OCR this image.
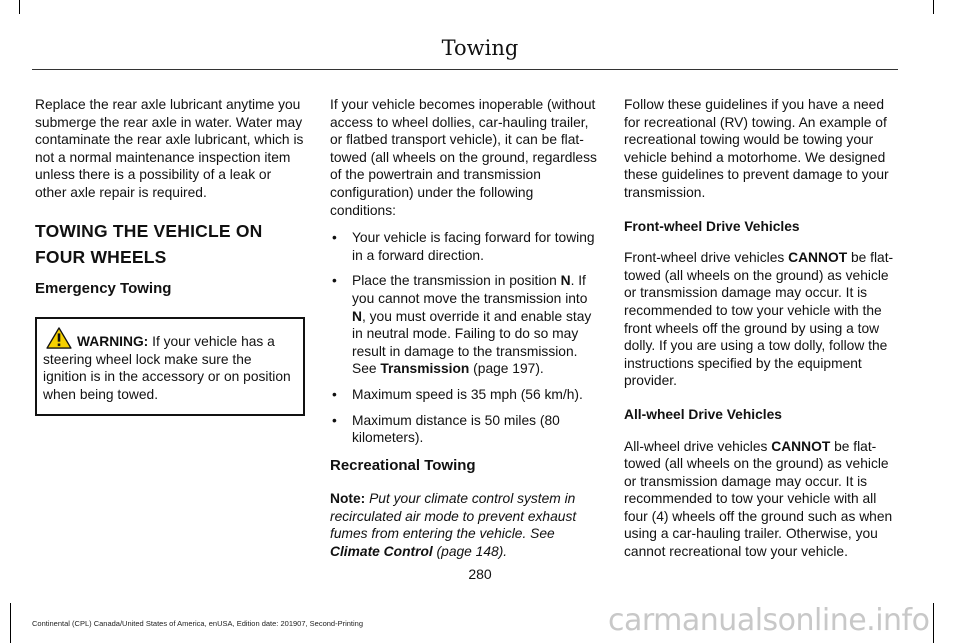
Towing

Replace the rear axle lubricant anytime you submerge the rear axle in water. Water may contaminate the rear axle lubricant, which is not a normal maintenance inspection item unless there is a possibility of a leak or other axle repair is required.

TOWING THE VEHICLE ON FOUR WHEELS
Emergency Towing
WARNING: If your vehicle has a steering wheel lock make sure the ignition is in the accessory or on position when being towed.

If your vehicle becomes inoperable (without access to wheel dollies, car-hauling trailer, or flatbed transport vehicle), it can be flat-towed (all wheels on the ground, regardless of the powertrain and transmission configuration) under the following conditions:

• Your vehicle is facing forward for towing in a forward direction.
• Place the transmission in position N. If you cannot move the transmission into N, you must override it and enable stay in neutral mode. Failing to do so may result in damage to the transmission. See Transmission (page 197).
• Maximum speed is 35 mph (56 km/h).
• Maximum distance is 50 miles (80 kilometers).
Recreational Towing

Note: Put your climate control system in recirculated air mode to prevent exhaust fumes from entering the vehicle. See Climate Control (page 148).

Follow these guidelines if you have a need for recreational (RV) towing. An example of recreational towing would be towing your vehicle behind a motorhome. We designed these guidelines to prevent damage to your transmission.

Front-wheel Drive Vehicles

Front-wheel drive vehicles CANNOT be flat-towed (all wheels on the ground) as vehicle or transmission damage may occur. It is recommended to tow your vehicle with the front wheels off the ground by using a tow dolly. If you are using a tow dolly, follow the instructions specified by the equipment provider.

All-wheel Drive Vehicles

All-wheel drive vehicles CANNOT be flat-towed (all wheels on the ground) as vehicle or transmission damage may occur. It is recommended to tow your vehicle with all four (4) wheels off the ground such as when using a car-hauling trailer. Otherwise, you cannot recreational tow your vehicle.

280
Continental (CPL) Canada/United States of America, enUSA, Edition date: 201907, Second-Printing	carmanualsonline.info
